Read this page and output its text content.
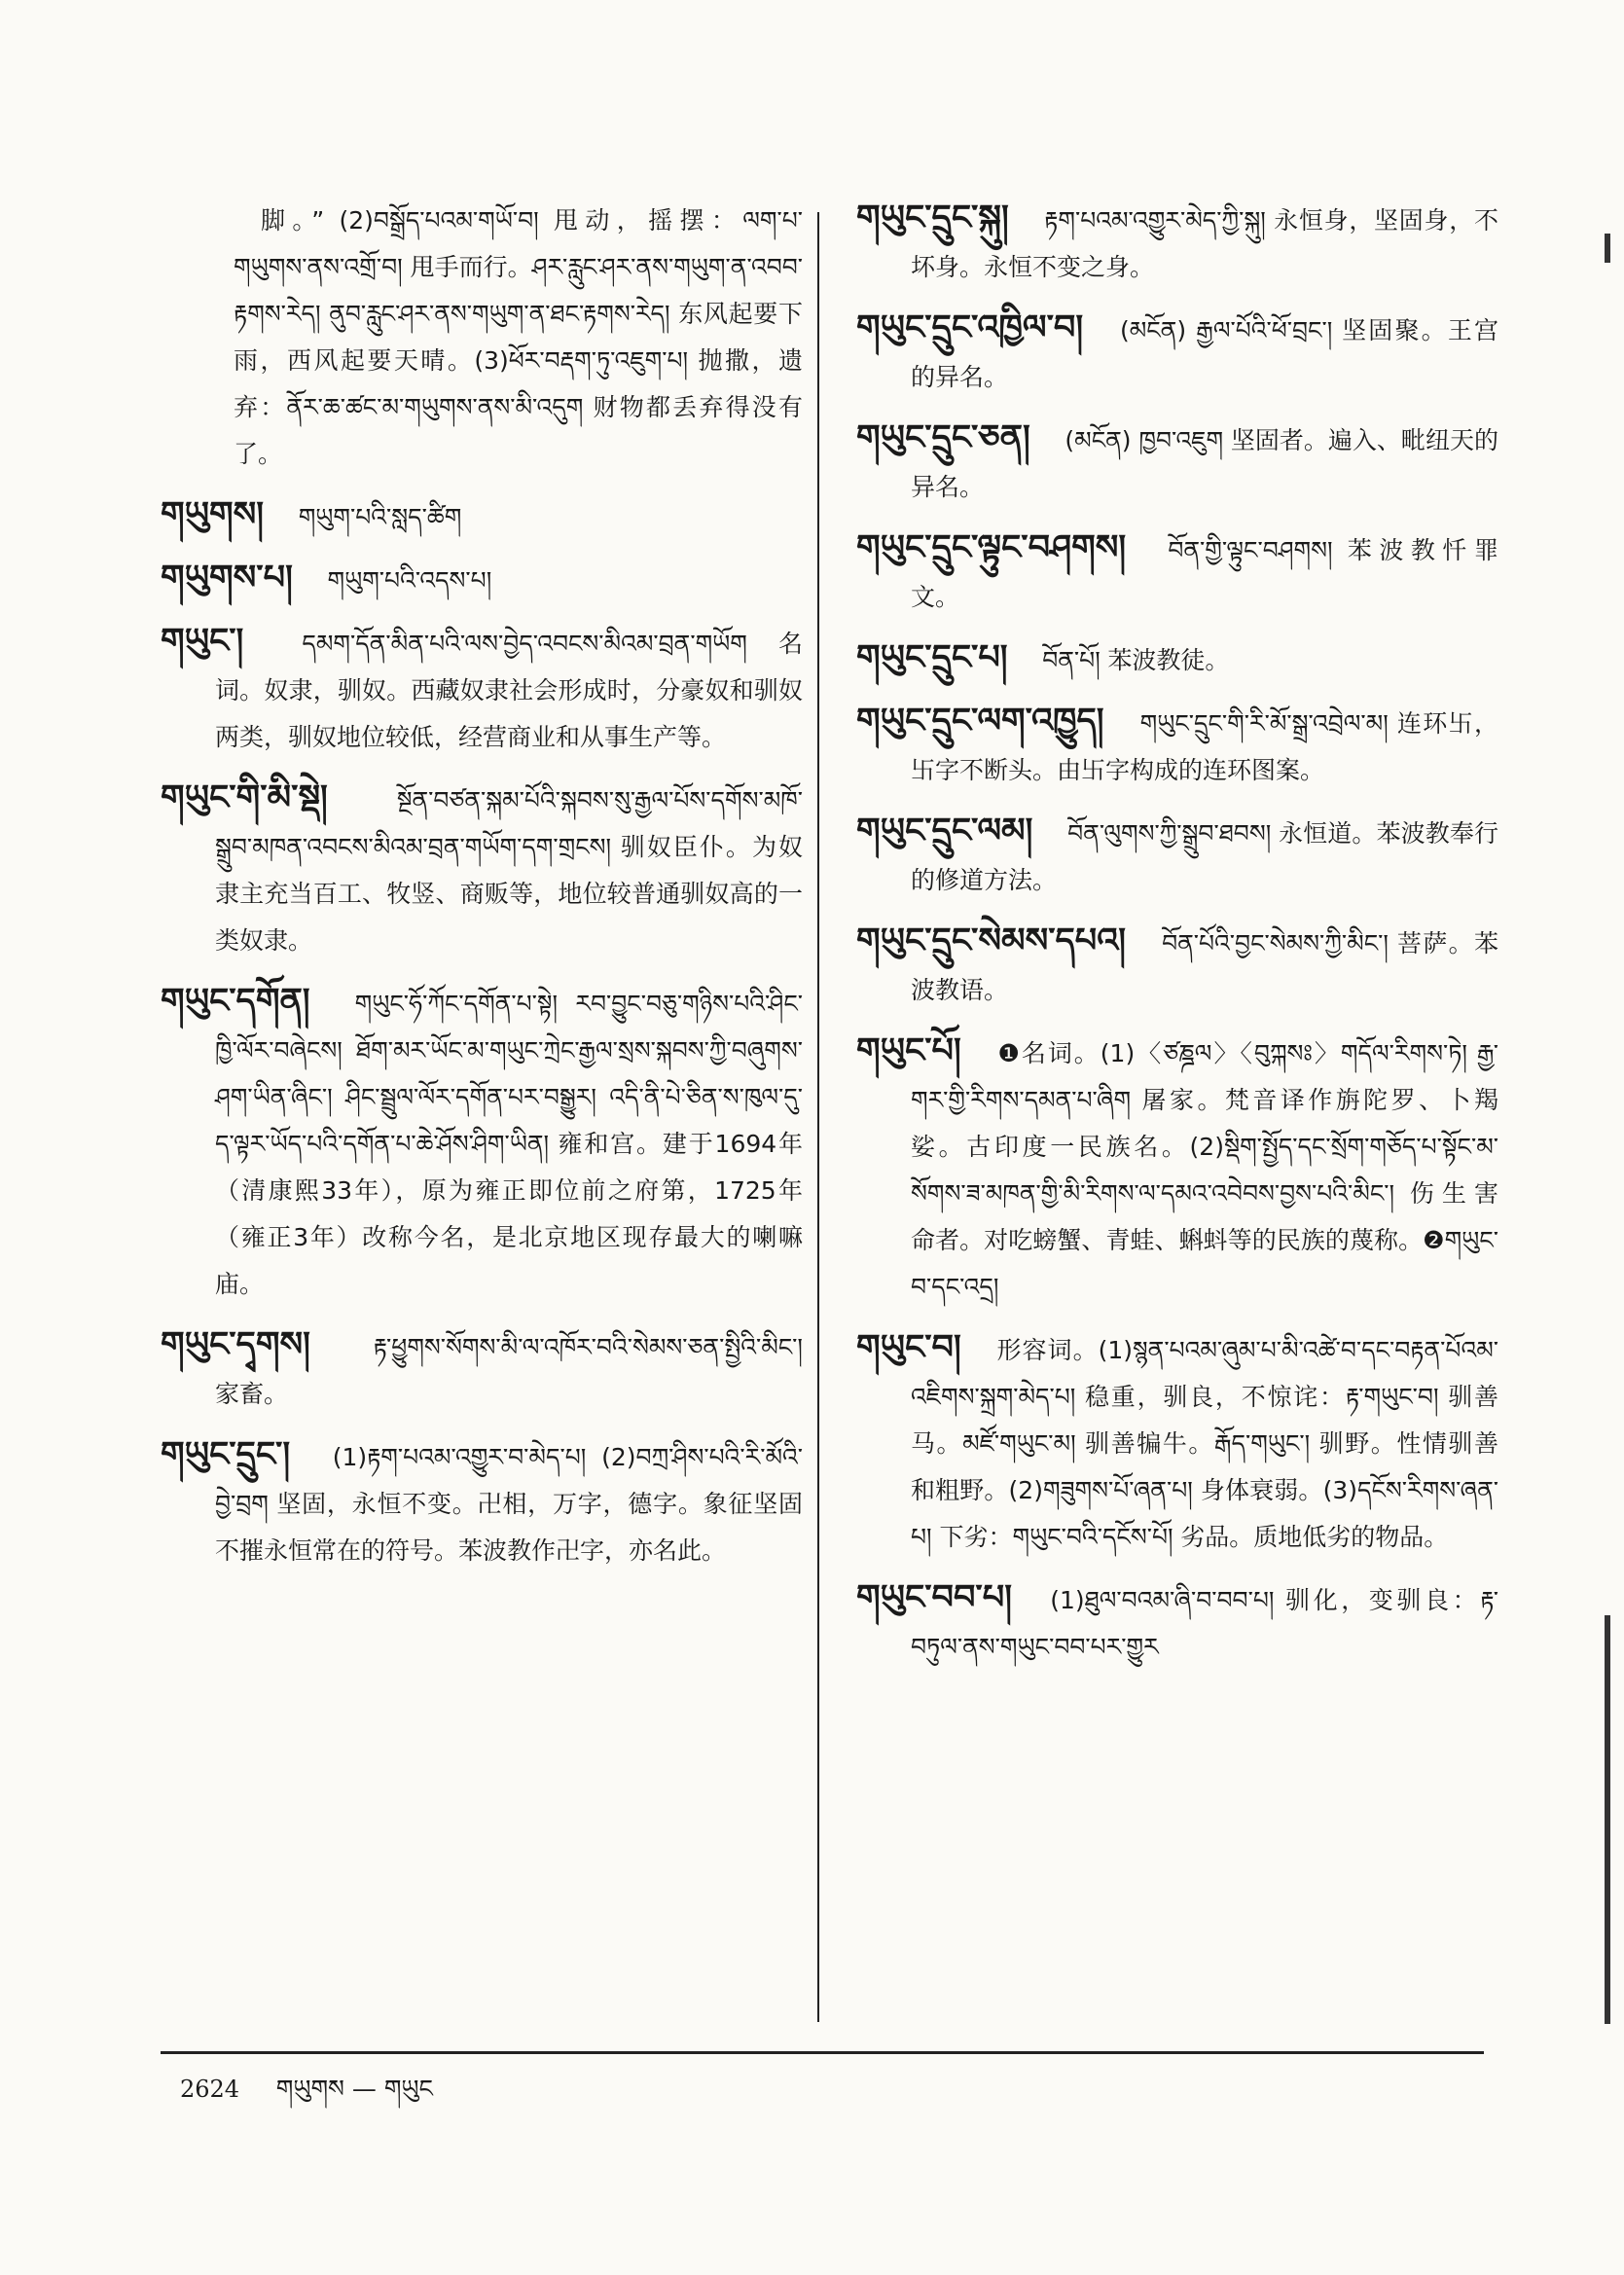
脚。” (2)བསྒྲོད་པའམ་གཡོ་བ། 甩动，摇摆：ལག་པ་གཡུགས་ནས་འགྲོ་བ། 甩手而行。ཤར་རླུང་ཤར་ནས་གཡུག་ན་འབབ་རྟགས་རེད། ནུབ་རླུང་ཤར་ནས་གཡུག་ན་ཐང་རྟགས་རེད། 东风起要下雨，西风起要天晴。(3)ཕོར་བརྡག་ཏུ་འཇུག་པ། 抛撒，遗弃：ནོར་ཆ་ཚང་མ་གཡུགས་ནས་མི་འདུག 财物都丢弃得没有了。
གཡུགས། གཡུག་པའི་སླད་ཚིག
གཡུགས་པ། གཡུག་པའི་འདས་པ།
གཡུང་། དམག་དོན་མིན་པའི་ལས་བྱེད་འབངས་མིའམ་བྲན་གཡོག 名词。奴隶，驯奴。西藏奴隶社会形成时，分豪奴和驯奴两类，驯奴地位较低，经营商业和从事生产等。
གཡུང་གི་མི་སྡེ།	སྔོན་བཙན་སྐམ་པོའི་སྐབས་སུ་རྒྱལ་པོས་དགོས་མཁོ་སྒྲུབ་མཁན་འབངས་མིའམ་བྲན་གཡོག་དག་གྲངས། 驯奴臣仆。为奴隶主充当百工、牧竖、商贩等，地位较普通驯奴高的一类奴隶。
གཡུང་དགོན། གཡུང་ཧོ་ཀོང་དགོན་པ་སྟེ། རབ་བྱུང་བཅུ་གཉིས་པའི་ཤིང་ཁྱི་ལོར་བཞེངས། ཐོག་མར་ཡོང་མ་གཡུང་ཀྲེང་རྒྱལ་སྲས་སྐབས་ཀྱི་བཞུགས་ཤག་ཡིན་ཞིང་། ཤིང་སྦྲུལ་ལོར་དགོན་པར་བསྒྱུར། འདི་ནི་པེ་ཅིན་ས་ཁུལ་དུ་ད་ལྟར་ཡོད་པའི་དགོན་པ་ཆེ་ཤོས་ཤིག་ཡིན། 雍和宫。建于1694年（清康熙33年），原为雍正即位前之府第，1725年（雍正3年）改称今名，是北京地区现存最大的喇嘛庙。
གཡུང་དྭགས།	རྟ་ཕྱུགས་སོགས་མི་ལ་འཁོར་བའི་སེམས་ཅན་སྤྱིའི་མིང་། 家畜。
གཡུང་དྲུང་། (1)རྟག་པའམ་འགྱུར་བ་མེད་པ། (2)བཀྲ་ཤིས་པའི་རི་མོའི་བྱེ་བྲག 坚固，永恒不变。卍相，万字，德字。象征坚固不摧永恒常在的符号。苯波教作卍字，亦名此。
གཡུང་དྲུང་སྐུ། རྟག་པའམ་འགྱུར་མེད་ཀྱི་སྐུ། 永恒身，坚固身，不坏身。永恒不变之身。
གཡུང་དྲུང་འཁྱིལ་བ། (མངོན) རྒྱལ་པོའི་ཕོ་བྲང་། 坚固聚。王宫的异名。
གཡུང་དྲུང་ཅན། (མངོན) ཁྱབ་འཇུག 坚固者。遍入、毗纽天的异名。
གཡུང་དྲུང་ལྟུང་བཤགས། བོན་གྱི་ལྟུང་བཤགས། 苯波教忏罪文。
གཡུང་དྲུང་པ། བོན་པོ། 苯波教徒。
གཡུང་དྲུང་ལག་འཁྱུད། གཡུང་དྲུང་གི་རི་མོ་སྒྲ་འབྲེལ་མ། 连环卐，卐字不断头。由卐字构成的连环图案。
གཡུང་དྲུང་ལམ། བོན་ལུགས་ཀྱི་སྒྲུབ་ཐབས། 永恒道。苯波教奉行的修道方法。
གཡུང་དྲུང་སེམས་དཔའ། བོན་པོའི་བྱང་སེམས་ཀྱི་མིང་། 菩萨。苯波教语。
གཡུང་པོ། ❶名词。(1)〈ཙཎྜལ〉〈བུཀྐསཿ〉གདོལ་རིགས་ཏེ། རྒྱ་གར་གྱི་རིགས་དམན་པ་ཞིག 屠家。梵音译作旃陀罗、卜羯娑。古印度一民族名。(2)སྡིག་སྤྱོད་དང་སྲོག་གཅོད་པ་སྟོང་མ་སོགས་ཟ་མཁན་གྱི་མི་རིགས་ལ་དམའ་འབེབས་བྱས་པའི་མིང་། 伤生害命者。对吃螃蟹、青蛙、蝌蚪等的民族的蔑称。❷གཡུང་བ་དང་འདྲ།
གཡུང་བ། 形容词。(1)སྙན་པའམ་ཞུམ་པ་མི་འཚེ་བ་དང་བརྟན་པོའམ་འཇིགས་སྐྲག་མེད་པ། 稳重，驯良，不惊诧：རྟ་གཡུང་བ། 驯善马。མཛོ་གཡུང་མ། 驯善犏牛。རྒོད་གཡུང་། 驯野。性情驯善和粗野。(2)གཟུགས་པོ་ཞན་པ། 身体衰弱。(3)དངོས་རིགས་ཞན་པ། 下劣：གཡུང་བའི་དངོས་པོ། 劣品。质地低劣的物品。
གཡུང་བབ་པ། (1)ཐུལ་བའམ་ཞི་བ་བབ་པ། 驯化，变驯良：རྟ་བཏུལ་ནས་གཡུང་བབ་པར་གྱུར
2624 གཡུགས — གཡུང
